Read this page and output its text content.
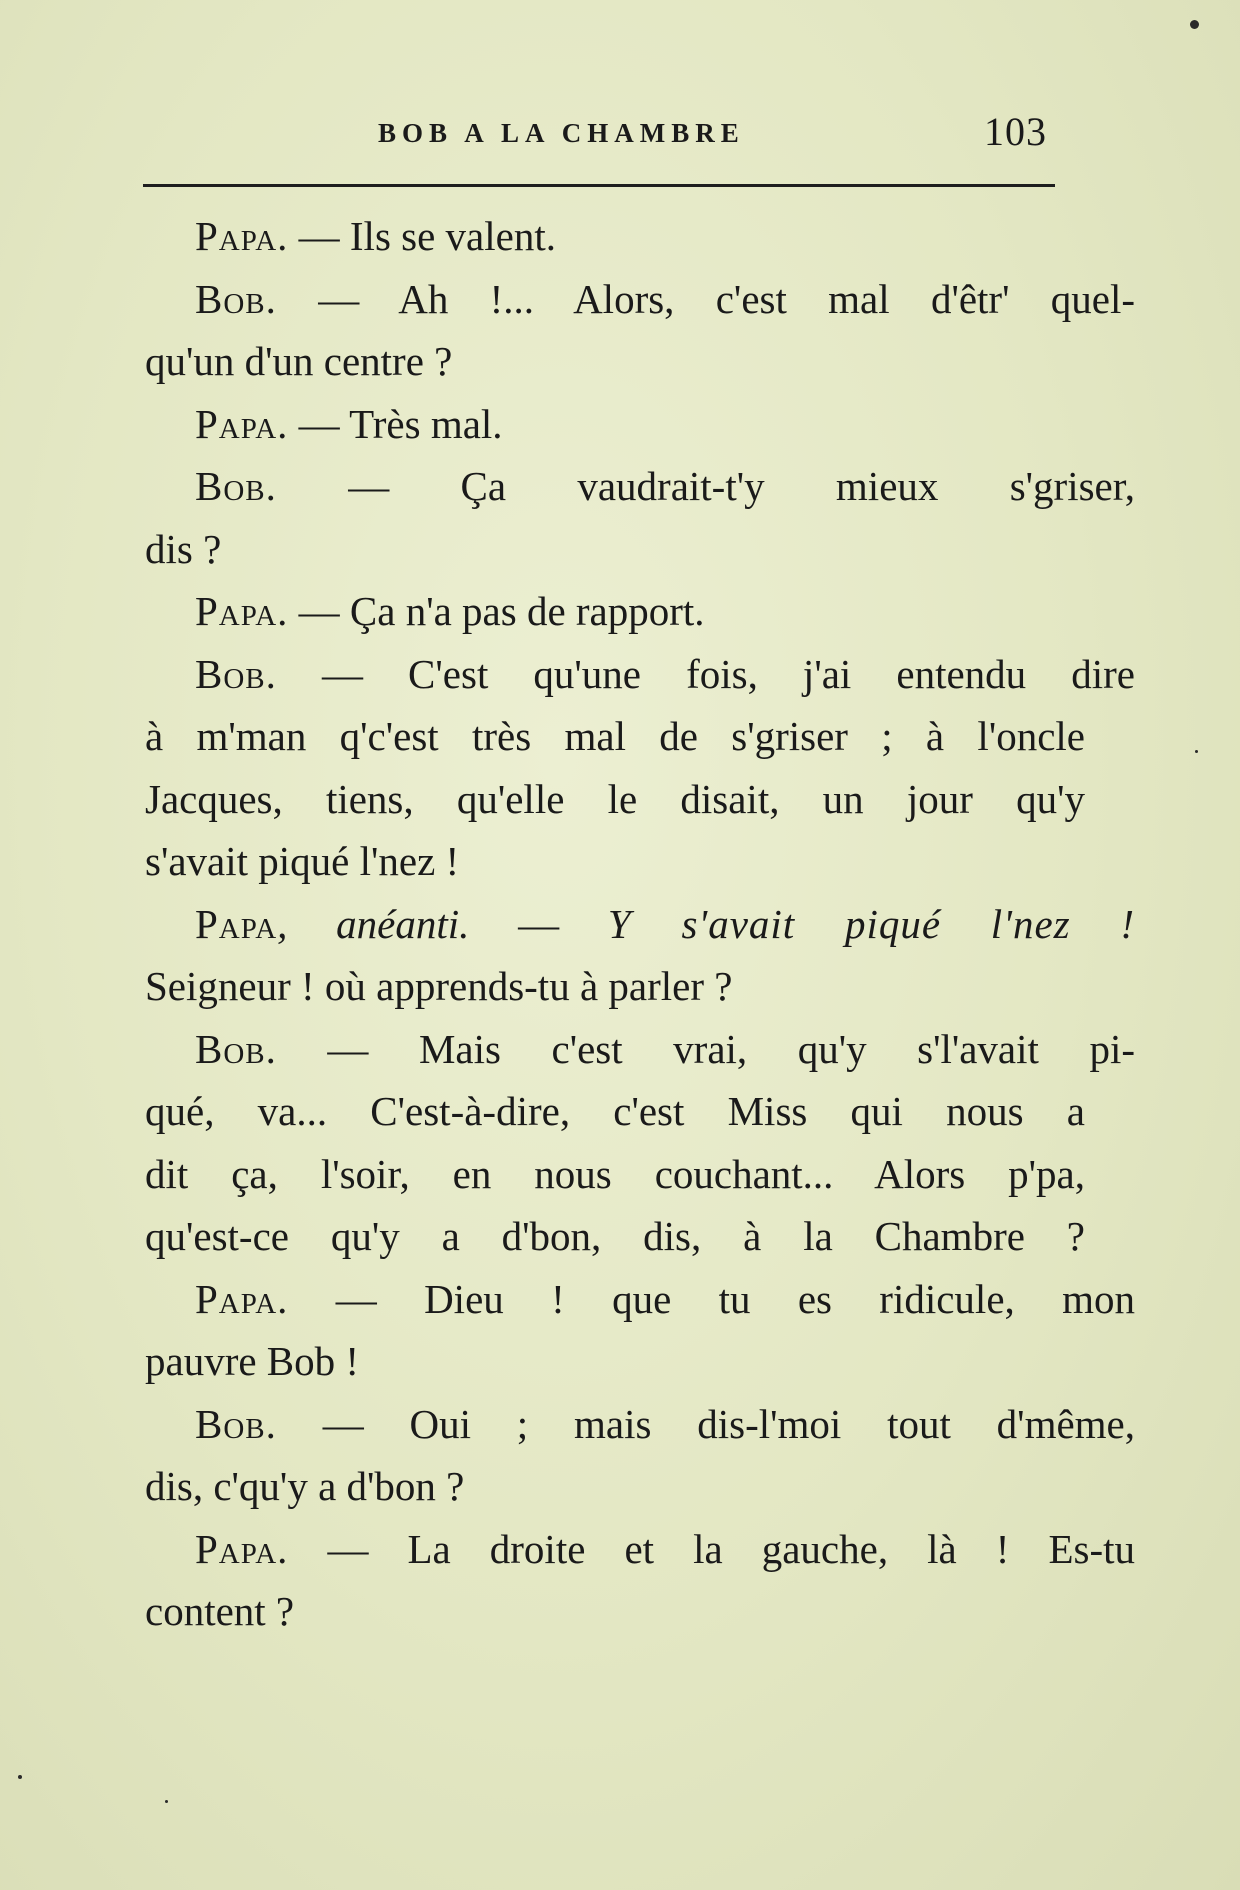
BOB A LA CHAMBRE	103
Papa. — Ils se valent.
Bob. — Ah !... Alors, c'est mal d'êtr' quel-
qu'un d'un centre ?
Papa. — Très mal.
Bob. — Ça vaudrait-t'y mieux s'griser,
dis ?
Papa. — Ça n'a pas de rapport.
Bob. — C'est qu'une fois, j'ai entendu dire
à m'man q'c'est très mal de s'griser ; à l'oncle
Jacques, tiens, qu'elle le disait, un jour qu'y
s'avait piqué l'nez !
Papa, anéanti. — Y s'avait piqué l'nez !
Seigneur ! où apprends-tu à parler ?
Bob. — Mais c'est vrai, qu'y s'l'avait pi-
qué, va... C'est-à-dire, c'est Miss qui nous a
dit ça, l'soir, en nous couchant... Alors p'pa,
qu'est-ce qu'y a d'bon, dis, à la Chambre ?
Papa. — Dieu ! que tu es ridicule, mon
pauvre Bob !
Bob. — Oui ; mais dis-l'moi tout d'même,
dis, c'qu'y a d'bon ?
Papa. — La droite et la gauche, là ! Es-tu
content ?
